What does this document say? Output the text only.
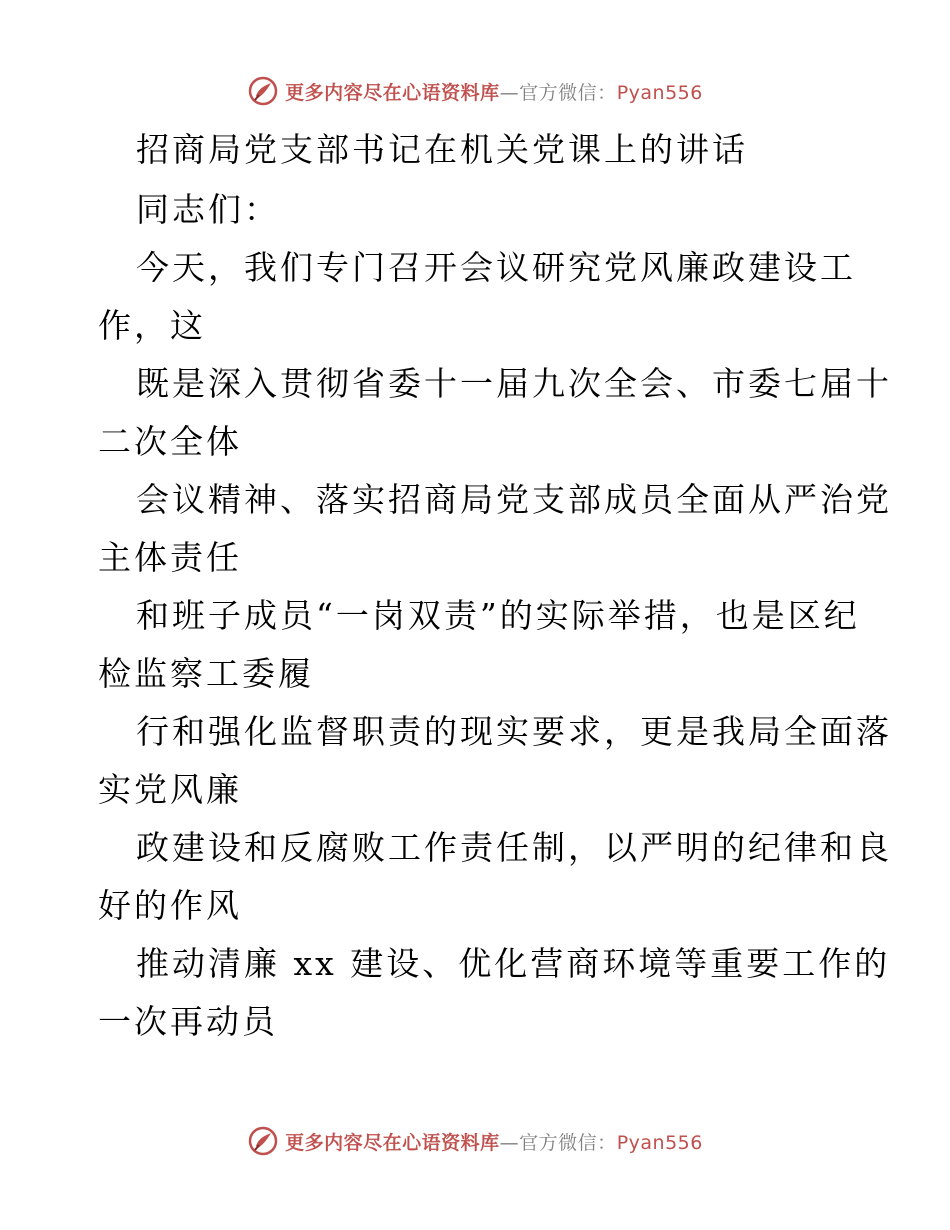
更多内容尽在心语资料库—官方微信：Pyan556
招商局党支部书记在机关党课上的讲话
同志们：
今天，我们专门召开会议研究党风廉政建设工
作，这
既是深入贯彻省委十一届九次全会、市委七届十
二次全体
会议精神、落实招商局党支部成员全面从严治党
主体责任
和班子成员“一岗双责”的实际举措，也是区纪
检监察工委履
行和强化监督职责的现实要求，更是我局全面落
实党风廉
政建设和反腐败工作责任制，以严明的纪律和良
好的作风
推动清廉 xx 建设、优化营商环境等重要工作的
一次再动员
更多内容尽在心语资料库—官方微信：Pyan556
